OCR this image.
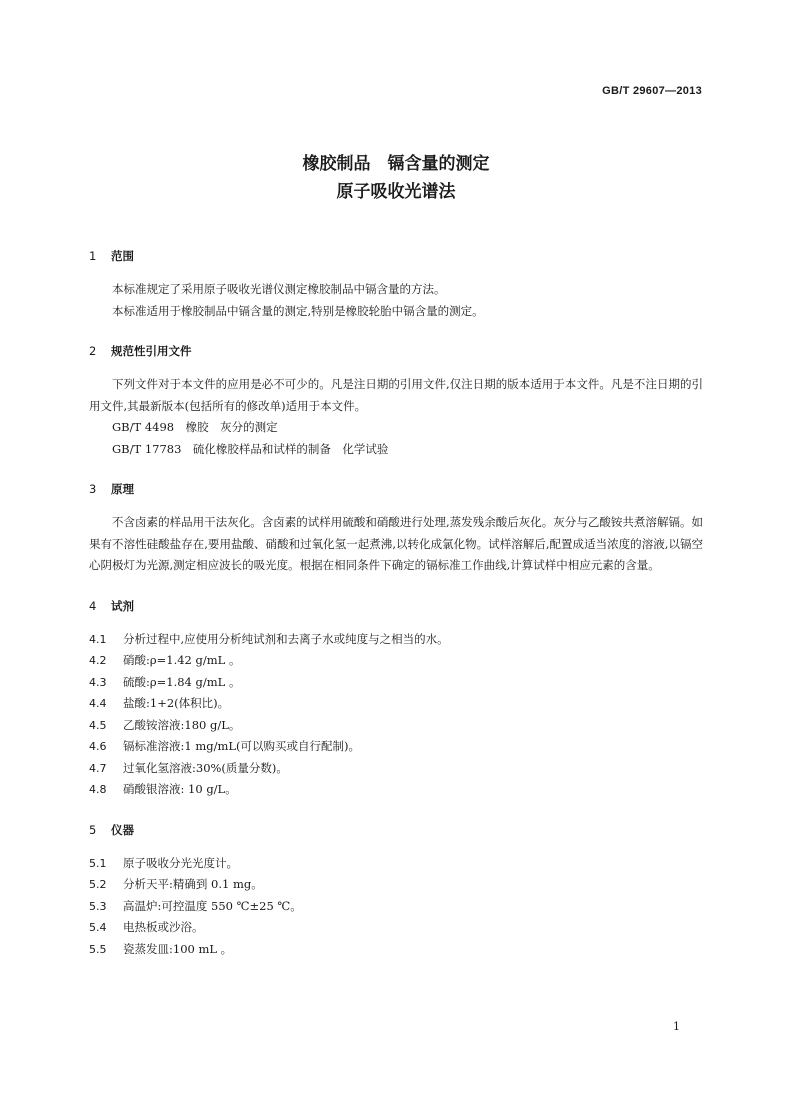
GB/T 29607—2013
橡胶制品　镉含量的测定
原子吸收光谱法
1 范围
本标准规定了采用原子吸收光谱仪测定橡胶制品中镉含量的方法。
本标准适用于橡胶制品中镉含量的测定,特别是橡胶轮胎中镉含量的测定。
2 规范性引用文件
下列文件对于本文件的应用是必不可少的。凡是注日期的引用文件,仅注日期的版本适用于本文件。凡是不注日期的引用文件,其最新版本(包括所有的修改单)适用于本文件。
GB/T 4498　橡胶　灰分的测定
GB/T 17783　硫化橡胶样品和试样的制备　化学试验
3 原理
不含卤素的样品用干法灰化。含卤素的试样用硫酸和硝酸进行处理,蒸发残余酸后灰化。灰分与乙酸铵共煮溶解镉。如果有不溶性硅酸盐存在,要用盐酸、硝酸和过氧化氢一起煮沸,以转化成氯化物。试样溶解后,配置成适当浓度的溶液,以镉空心阴极灯为光源,测定相应波长的吸光度。根据在相同条件下确定的镉标准工作曲线,计算试样中相应元素的含量。
4 试剂
4.1 分析过程中,应使用分析纯试剂和去离子水或纯度与之相当的水。
4.2 硝酸:ρ=1.42 g/mL 。
4.3 硫酸:ρ=1.84 g/mL 。
4.4 盐酸:1+2(体积比)。
4.5 乙酸铵溶液:180 g/L。
4.6 镉标准溶液:1 mg/mL(可以购买或自行配制)。
4.7 过氧化氢溶液:30%(质量分数)。
4.8 硝酸银溶液: 10 g/L。
5 仪器
5.1 原子吸收分光光度计。
5.2 分析天平:精确到 0.1 mg。
5.3 高温炉:可控温度 550 ℃±25 ℃。
5.4 电热板或沙浴。
5.5 瓷蒸发皿:100 mL 。
1
